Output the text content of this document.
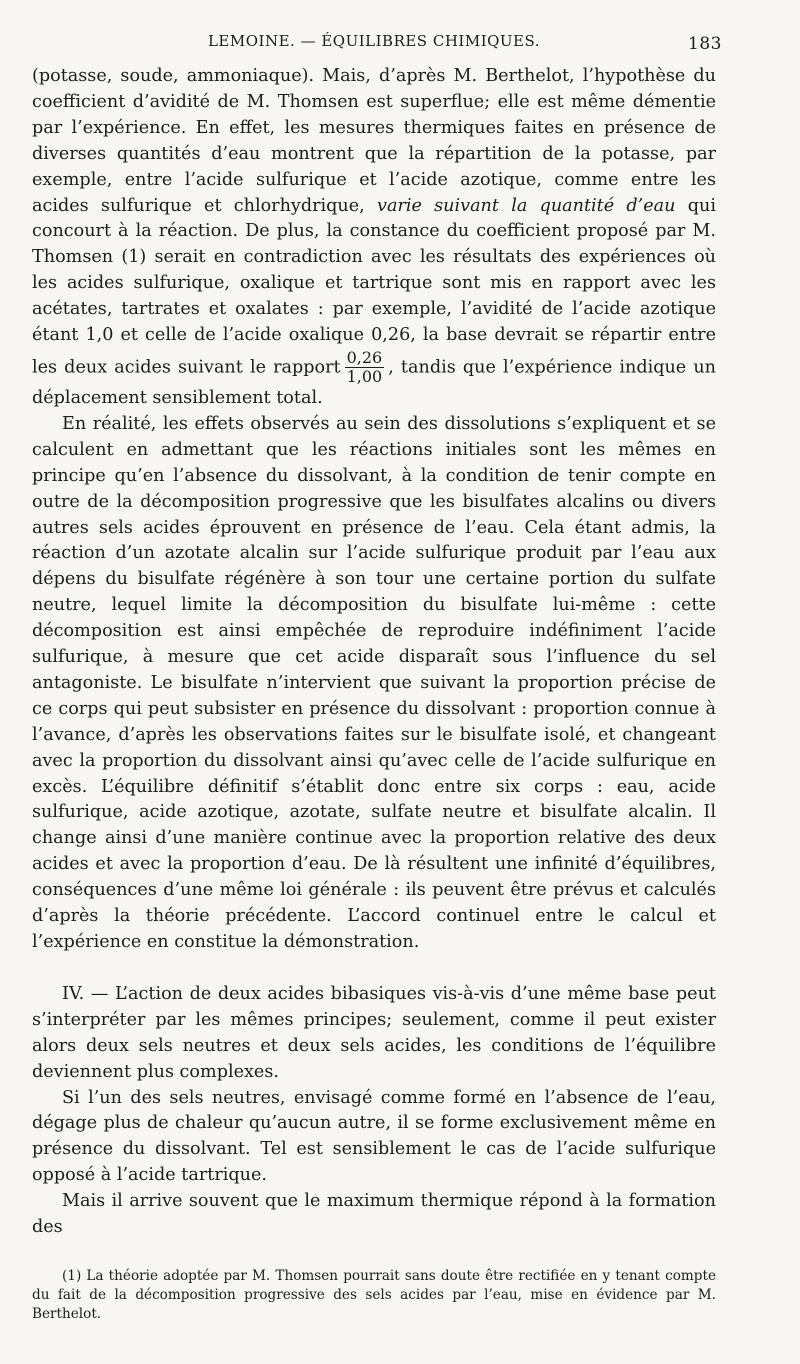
LEMOINE. — ÉQUILIBRES CHIMIQUES.	183

(potasse, soude, ammoniaque). Mais, d’après M. Berthelot, l’hypothèse du coefficient d’avidité de M. Thomsen est superflue; elle est même démentie par l’expérience. En effet, les mesures thermiques faites en présence de diverses quantités d’eau montrent que la répartition de la potasse, par exemple, entre l’acide sulfurique et l’acide azotique, comme entre les acides sulfurique et chlorhydrique, varie suivant la quantité d’eau qui concourt à la réaction. De plus, la constance du coefficient proposé par M. Thomsen (1) serait en contradiction avec les résultats des expériences où les acides sulfurique, oxalique et tartrique sont mis en rapport avec les acétates, tartrates et oxalates : par exemple, l’avidité de l’acide azotique étant 1,0 et celle de l’acide oxalique 0,26, la base devrait se répartir entre les deux acides suivant le rapport $\frac{0,26}{1,00}$ , tandis que l’expérience indique un déplacement sensiblement total.

En réalité, les effets observés au sein des dissolutions s’expliquent et se calculent en admettant que les réactions initiales sont les mêmes en principe qu’en l’absence du dissolvant, à la condition de tenir compte en outre de la décomposition progressive que les bisulfates alcalins ou divers autres sels acides éprouvent en présence de l’eau. Cela étant admis, la réaction d’un azotate alcalin sur l’acide sulfurique produit par l’eau aux dépens du bisulfate régénère à son tour une certaine portion du sulfate neutre, lequel limite la décomposition du bisulfate lui-même : cette décomposition est ainsi empêchée de reproduire indéfiniment l’acide sulfurique, à mesure que cet acide disparaît sous l’influence du sel antagoniste. Le bisulfate n’intervient que suivant la proportion précise de ce corps qui peut subsister en présence du dissolvant : proportion connue à l’avance, d’après les observations faites sur le bisulfate isolé, et changeant avec la proportion du dissolvant ainsi qu’avec celle de l’acide sulfurique en excès. L’équilibre définitif s’établit donc entre six corps : eau, acide sulfurique, acide azotique, azotate, sulfate neutre et bisulfate alcalin. Il change ainsi d’une manière continue avec la proportion relative des deux acides et avec la proportion d’eau. De là résultent une infinité d’équilibres, conséquences d’une même loi générale : ils peuvent être prévus et calculés d’après la théorie précédente. L’accord continuel entre le calcul et l’expérience en constitue la démonstration.

IV. — L’action de deux acides bibasiques vis-à-vis d’une même base peut s’interpréter par les mêmes principes; seulement, comme il peut exister alors deux sels neutres et deux sels acides, les conditions de l’équilibre deviennent plus complexes.

Si l’un des sels neutres, envisagé comme formé en l’absence de l’eau, dégage plus de chaleur qu’aucun autre, il se forme exclusivement même en présence du dissolvant. Tel est sensiblement le cas de l’acide sulfurique opposé à l’acide tartrique.

Mais il arrive souvent que le maximum thermique répond à la formation des

(1) La théorie adoptée par M. Thomsen pourrait sans doute être rectifiée en y tenant compte du fait de la décomposition progressive des sels acides par l’eau, mise en évidence par M. Berthelot.
